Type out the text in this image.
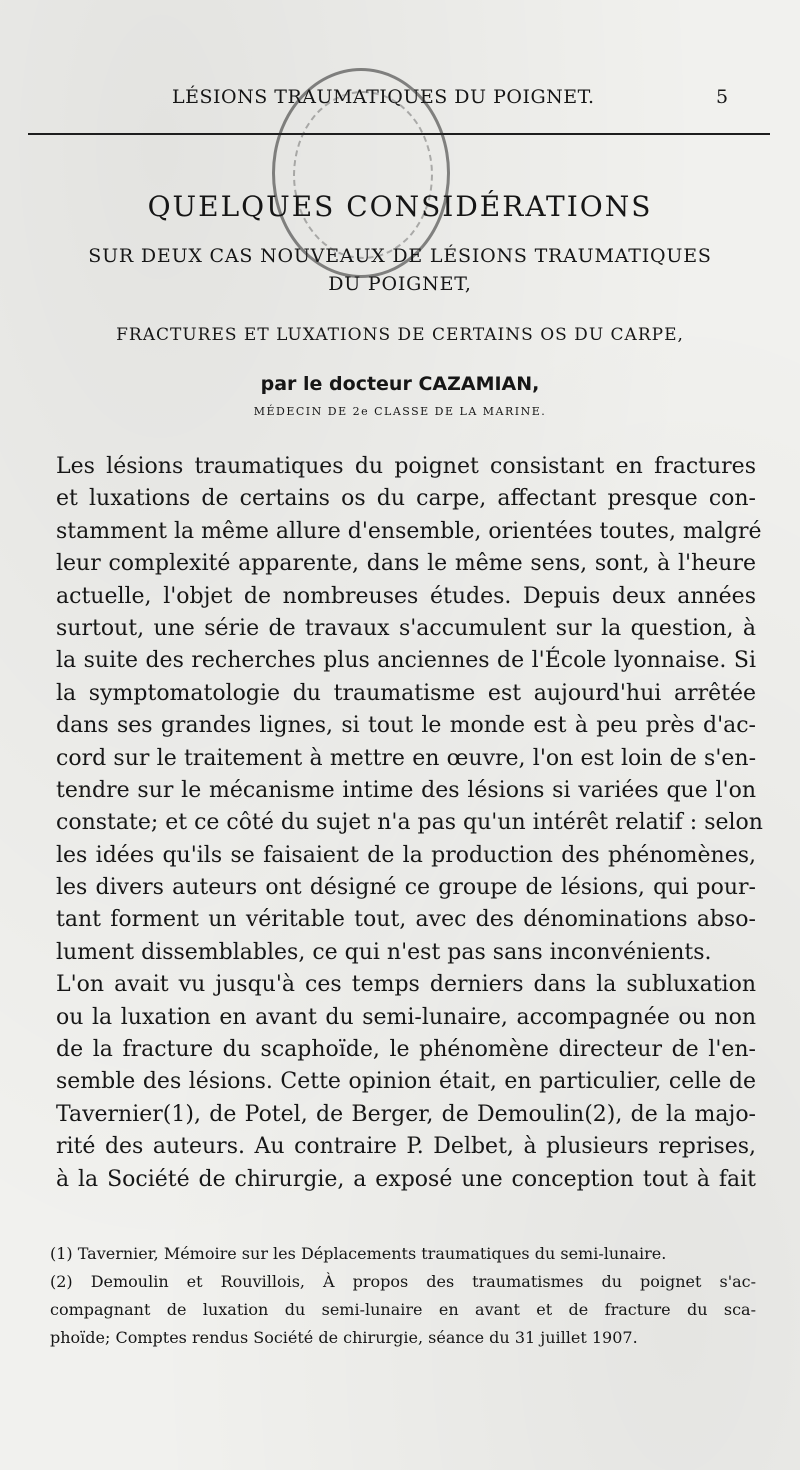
LÉSIONS TRAUMATIQUES DU POIGNET.	5
QUELQUES CONSIDÉRATIONS
SUR DEUX CAS NOUVEAUX DE LÉSIONS TRAUMATIQUES
DU POIGNET,
FRACTURES ET LUXATIONS DE CERTAINS OS DU CARPE,
par le docteur CAZAMIAN,
MÉDECIN DE 2e CLASSE DE LA MARINE.
Les lésions traumatiques du poignet consistant en fractures
et luxations de certains os du carpe, affectant presque con-
stamment la même allure d'ensemble, orientées toutes, malgré
leur complexité apparente, dans le même sens, sont, à l'heure
actuelle, l'objet de nombreuses études. Depuis deux années
surtout, une série de travaux s'accumulent sur la question, à
la suite des recherches plus anciennes de l'École lyonnaise. Si
la symptomatologie du traumatisme est aujourd'hui arrêtée
dans ses grandes lignes, si tout le monde est à peu près d'ac-
cord sur le traitement à mettre en œuvre, l'on est loin de s'en-
tendre sur le mécanisme intime des lésions si variées que l'on
constate; et ce côté du sujet n'a pas qu'un intérêt relatif : selon
les idées qu'ils se faisaient de la production des phénomènes,
les divers auteurs ont désigné ce groupe de lésions, qui pour-
tant forment un véritable tout, avec des dénominations abso-
lument dissemblables, ce qui n'est pas sans inconvénients.
L'on avait vu jusqu'à ces temps derniers dans la subluxation
ou la luxation en avant du semi-lunaire, accompagnée ou non
de la fracture du scaphoïde, le phénomène directeur de l'en-
semble des lésions. Cette opinion était, en particulier, celle de
Tavernier(1), de Potel, de Berger, de Demoulin(2), de la majo-
rité des auteurs. Au contraire P. Delbet, à plusieurs reprises,
à la Société de chirurgie, a exposé une conception tout à fait
(1) Tavernier, Mémoire sur les Déplacements traumatiques du semi-lunaire.
(2) Demoulin et Rouvillois, À propos des traumatismes du poignet s'ac-
compagnant de luxation du semi-lunaire en avant et de fracture du sca-
phoïde; Comptes rendus Société de chirurgie, séance du 31 juillet 1907.
